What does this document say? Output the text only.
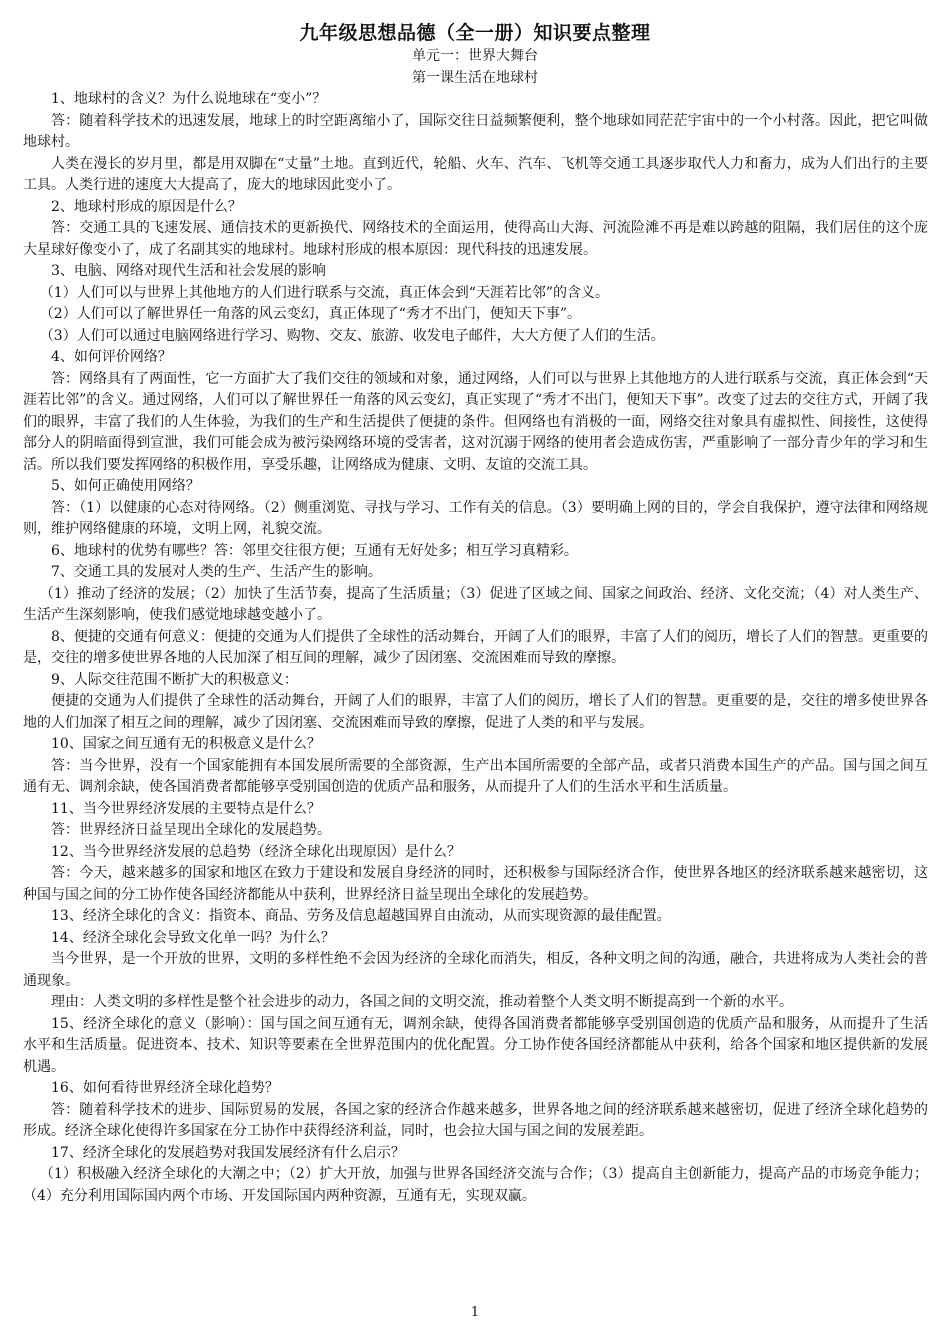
九年级思想品德（全一册）知识要点整理
单元一：世界大舞台
第一课生活在地球村

1、地球村的含义？为什么说地球在“变小”？

答：随着科学技术的迅速发展，地球上的时空距离缩小了，国际交往日益频繁便利，整个地球如同茫茫宇宙中的一个小村落。因此，把它叫做地球村。

人类在漫长的岁月里，都是用双脚在“丈量”土地。直到近代，轮船、火车、汽车、飞机等交通工具逐步取代人力和畜力，成为人们出行的主要工具。人类行进的速度大大提高了，庞大的地球因此变小了。

2、地球村形成的原因是什么？

答：交通工具的飞速发展、通信技术的更新换代、网络技术的全面运用，使得高山大海、河流险滩不再是难以跨越的阻隔，我们居住的这个庞大星球好像变小了，成了名副其实的地球村。地球村形成的根本原因：现代科技的迅速发展。

3、电脑、网络对现代生活和社会发展的影响

（1）人们可以与世界上其他地方的人们进行联系与交流，真正体会到“天涯若比邻”的含义。

（2）人们可以了解世界任一角落的风云变幻，真正体现了“秀才不出门，便知天下事”。

（3）人们可以通过电脑网络进行学习、购物、交友、旅游、收发电子邮件，大大方便了人们的生活。

4、如何评价网络？

答：网络具有了两面性，它一方面扩大了我们交往的领域和对象，通过网络，人们可以与世界上其他地方的人进行联系与交流，真正体会到“天涯若比邻”的含义。通过网络，人们可以了解世界任一角落的风云变幻，真正实现了“秀才不出门，便知天下事”。改变了过去的交往方式，开阔了我们的眼界，丰富了我们的人生体验，为我们的生产和生活提供了便捷的条件。但网络也有消极的一面，网络交往对象具有虚拟性、间接性，这使得部分人的阴暗面得到宣泄，我们可能会成为被污染网络环境的受害者，这对沉溺于网络的使用者会造成伤害，严重影响了一部分青少年的学习和生活。所以我们要发挥网络的积极作用，享受乐趣，让网络成为健康、文明、友谊的交流工具。

5、如何正确使用网络？

答：（1）以健康的心态对待网络。（2）侧重浏览、寻找与学习、工作有关的信息。（3）要明确上网的目的，学会自我保护，遵守法律和网络规则，维护网络健康的环境，文明上网，礼貌交流。

6、地球村的优势有哪些？答：邻里交往很方便；互通有无好处多；相互学习真精彩。

7、交通工具的发展对人类的生产、生活产生的影响。

（1）推动了经济的发展；（2）加快了生活节奏，提高了生活质量；（3）促进了区域之间、国家之间政治、经济、文化交流；（4）对人类生产、生活产生深刻影响，使我们感觉地球越变越小了。

8、便捷的交通有何意义：便捷的交通为人们提供了全球性的活动舞台，开阔了人们的眼界，丰富了人们的阅历，增长了人们的智慧。更重要的是，交往的增多使世界各地的人民加深了相互间的理解，减少了因闭塞、交流困难而导致的摩擦。

9、人际交往范围不断扩大的积极意义：

便捷的交通为人们提供了全球性的活动舞台，开阔了人们的眼界，丰富了人们的阅历，增长了人们的智慧。更重要的是，交往的增多使世界各地的人们加深了相互之间的理解，减少了因闭塞、交流困难而导致的摩擦，促进了人类的和平与发展。

10、国家之间互通有无的积极意义是什么？

答：当今世界，没有一个国家能拥有本国发展所需要的全部资源，生产出本国所需要的全部产品，或者只消费本国生产的产品。国与国之间互通有无、调剂余缺，使各国消费者都能够享受别国创造的优质产品和服务，从而提升了人们的生活水平和生活质量。

11、当今世界经济发展的主要特点是什么？

答：世界经济日益呈现出全球化的发展趋势。

12、当今世界经济发展的总趋势（经济全球化出现原因）是什么？

答：今天，越来越多的国家和地区在致力于建设和发展自身经济的同时，还积极参与国际经济合作，使世界各地区的经济联系越来越密切，这种国与国之间的分工协作使各国经济都能从中获利，世界经济日益呈现出全球化的发展趋势。

13、经济全球化的含义：指资本、商品、劳务及信息超越国界自由流动，从而实现资源的最佳配置。

14、经济全球化会导致文化单一吗？为什么？

当今世界，是一个开放的世界，文明的多样性绝不会因为经济的全球化而消失，相反，各种文明之间的沟通，融合，共进将成为人类社会的普通现象。

理由：人类文明的多样性是整个社会进步的动力，各国之间的文明交流，推动着整个人类文明不断提高到一个新的水平。

15、经济全球化的意义（影响）：国与国之间互通有无，调剂余缺，使得各国消费者都能够享受别国创造的优质产品和服务，从而提升了生活水平和生活质量。促进资本、技术、知识等要素在全世界范围内的优化配置。分工协作使各国经济都能从中获利，给各个国家和地区提供新的发展机遇。

16、如何看待世界经济全球化趋势？

答：随着科学技术的进步、国际贸易的发展，各国之家的经济合作越来越多，世界各地之间的经济联系越来越密切，促进了经济全球化趋势的形成。经济全球化使得许多国家在分工协作中获得经济利益，同时，也会拉大国与国之间的发展差距。

17、经济全球化的发展趋势对我国发展经济有什么启示？

（1）积极融入经济全球化的大潮之中；（2）扩大开放，加强与世界各国经济交流与合作；（3）提高自主创新能力，提高产品的市场竞争能力；（4）充分利用国际国内两个市场、开发国际国内两种资源，互通有无，实现双赢。

1
